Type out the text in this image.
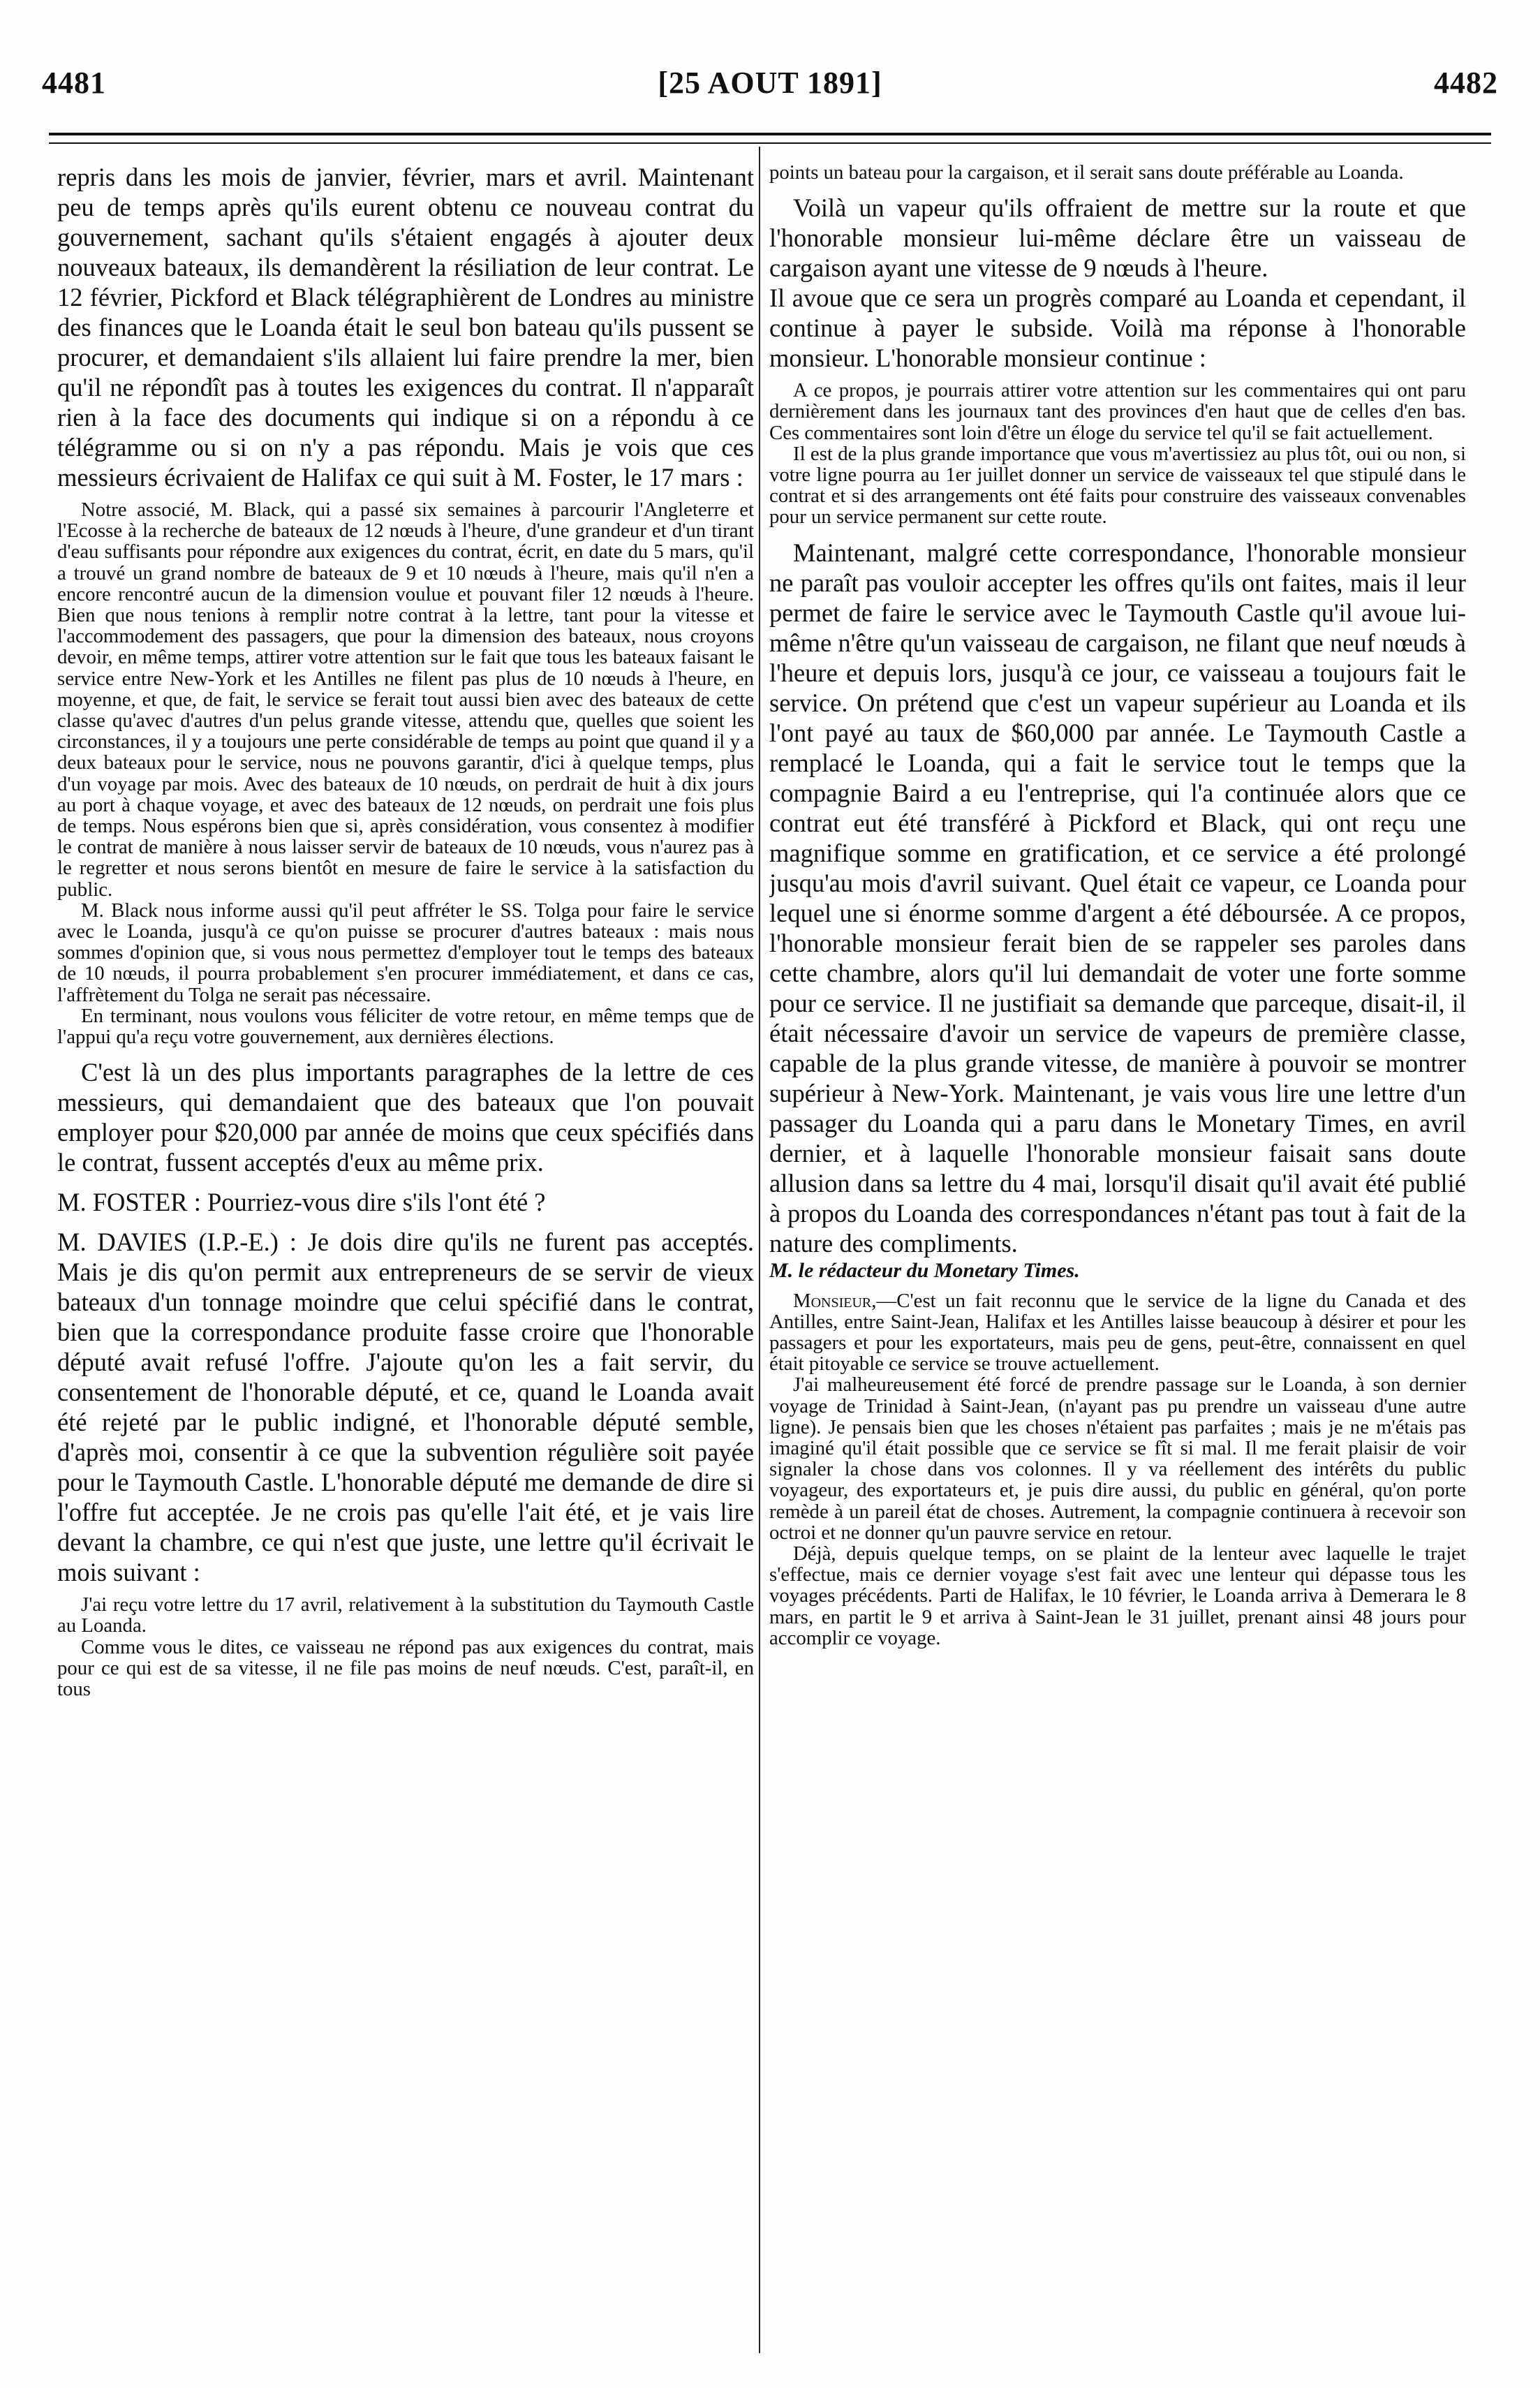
4481	[25 AOUT 1891]	4482

repris dans les mois de janvier, février, mars et avril. Maintenant peu de temps après qu'ils eurent obtenu ce nouveau contrat du gouvernement, sachant qu'ils s'étaient engagés à ajouter deux nouveaux bateaux, ils demandèrent la résiliation de leur contrat. Le 12 février, Pickford et Black télégraphièrent de Londres au ministre des finances que le Loanda était le seul bon bateau qu'ils pussent se procurer, et demandaient s'ils allaient lui faire prendre la mer, bien qu'il ne répondît pas à toutes les exigences du contrat. Il n'apparaît rien à la face des documents qui indique si on a répondu à ce télégramme ou si on n'y a pas répondu. Mais je vois que ces messieurs écrivaient de Halifax ce qui suit à M. Foster, le 17 mars :

Notre associé, M. Black, qui a passé six semaines à parcourir l'Angleterre et l'Ecosse à la recherche de bateaux de 12 nœuds à l'heure, d'une grandeur et d'un tirant d'eau suffisants pour répondre aux exigences du contrat, écrit, en date du 5 mars, qu'il a trouvé un grand nombre de bateaux de 9 et 10 nœuds à l'heure, mais qu'il n'en a encore rencontré aucun de la dimension voulue et pouvant filer 12 nœuds à l'heure. Bien que nous tenions à remplir notre contrat à la lettre, tant pour la vitesse et l'accommodement des passagers, que pour la dimension des bateaux, nous croyons devoir, en même temps, attirer votre attention sur le fait que tous les bateaux faisant le service entre New-York et les Antilles ne filent pas plus de 10 nœuds à l'heure, en moyenne, et que, de fait, le service se ferait tout aussi bien avec des bateaux de cette classe qu'avec d'autres d'un pelus grande vitesse, attendu que, quelles que soient les circonstances, il y a toujours une perte considérable de temps au point que quand il y a deux bateaux pour le service, nous ne pouvons garantir, d'ici à quelque temps, plus d'un voyage par mois. Avec des bateaux de 10 nœuds, on perdrait de huit à dix jours au port à chaque voyage, et avec des bateaux de 12 nœuds, on perdrait une fois plus de temps. Nous espérons bien que si, après considération, vous consentez à modifier le contrat de manière à nous laisser servir de bateaux de 10 nœuds, vous n'aurez pas à le regretter et nous serons bientôt en mesure de faire le service à la satisfaction du public.

M. Black nous informe aussi qu'il peut affréter le SS. Tolga pour faire le service avec le Loanda, jusqu'à ce qu'on puisse se procurer d'autres bateaux : mais nous sommes d'opinion que, si vous nous permettez d'employer tout le temps des bateaux de 10 nœuds, il pourra probablement s'en procurer immédiatement, et dans ce cas, l'affrètement du Tolga ne serait pas nécessaire.

En terminant, nous voulons vous féliciter de votre retour, en même temps que de l'appui qu'a reçu votre gouvernement, aux dernières élections.

C'est là un des plus importants paragraphes de la lettre de ces messieurs, qui demandaient que des bateaux que l'on pouvait employer pour $20,000 par année de moins que ceux spécifiés dans le contrat, fussent acceptés d'eux au même prix.

M. FOSTER : Pourriez-vous dire s'ils l'ont été ?

M. DAVIES (I.P.-E.) : Je dois dire qu'ils ne furent pas acceptés. Mais je dis qu'on permit aux entrepreneurs de se servir de vieux bateaux d'un tonnage moindre que celui spécifié dans le contrat, bien que la correspondance produite fasse croire que l'honorable député avait refusé l'offre. J'ajoute qu'on les a fait servir, du consentement de l'honorable député, et ce, quand le Loanda avait été rejeté par le public indigné, et l'honorable député semble, d'après moi, consentir à ce que la subvention régulière soit payée pour le Taymouth Castle. L'honorable député me demande de dire si l'offre fut acceptée. Je ne crois pas qu'elle l'ait été, et je vais lire devant la chambre, ce qui n'est que juste, une lettre qu'il écrivait le mois suivant :

J'ai reçu votre lettre du 17 avril, relativement à la substitution du Taymouth Castle au Loanda.

Comme vous le dites, ce vaisseau ne répond pas aux exigences du contrat, mais pour ce qui est de sa vitesse, il ne file pas moins de neuf nœuds. C'est, paraît-il, en tous

points un bateau pour la cargaison, et il serait sans doute préférable au Loanda.

Voilà un vapeur qu'ils offraient de mettre sur la route et que l'honorable monsieur lui-même déclare être un vaisseau de cargaison ayant une vitesse de 9 nœuds à l'heure.

Il avoue que ce sera un progrès comparé au Loanda et cependant, il continue à payer le subside. Voilà ma réponse à l'honorable monsieur. L'honorable monsieur continue :

A ce propos, je pourrais attirer votre attention sur les commentaires qui ont paru dernièrement dans les journaux tant des provinces d'en haut que de celles d'en bas. Ces commentaires sont loin d'être un éloge du service tel qu'il se fait actuellement.

Il est de la plus grande importance que vous m'avertissiez au plus tôt, oui ou non, si votre ligne pourra au 1er juillet donner un service de vaisseaux tel que stipulé dans le contrat et si des arrangements ont été faits pour construire des vaisseaux convenables pour un service permanent sur cette route.

Maintenant, malgré cette correspondance, l'honorable monsieur ne paraît pas vouloir accepter les offres qu'ils ont faites, mais il leur permet de faire le service avec le Taymouth Castle qu'il avoue lui-même n'être qu'un vaisseau de cargaison, ne filant que neuf nœuds à l'heure et depuis lors, jusqu'à ce jour, ce vaisseau a toujours fait le service. On prétend que c'est un vapeur supérieur au Loanda et ils l'ont payé au taux de $60,000 par année. Le Taymouth Castle a remplacé le Loanda, qui a fait le service tout le temps que la compagnie Baird a eu l'entreprise, qui l'a continuée alors que ce contrat eut été transféré à Pickford et Black, qui ont reçu une magnifique somme en gratification, et ce service a été prolongé jusqu'au mois d'avril suivant. Quel était ce vapeur, ce Loanda pour lequel une si énorme somme d'argent a été déboursée. A ce propos, l'honorable monsieur ferait bien de se rappeler ses paroles dans cette chambre, alors qu'il lui demandait de voter une forte somme pour ce service. Il ne justifiait sa demande que parceque, disait-il, il était nécessaire d'avoir un service de vapeurs de première classe, capable de la plus grande vitesse, de manière à pouvoir se montrer supérieur à New-York. Maintenant, je vais vous lire une lettre d'un passager du Loanda qui a paru dans le Monetary Times, en avril dernier, et à laquelle l'honorable monsieur faisait sans doute allusion dans sa lettre du 4 mai, lorsqu'il disait qu'il avait été publié à propos du Loanda des correspondances n'étant pas tout à fait de la nature des compliments.

M. le rédacteur du Monetary Times.

Monsieur,—C'est un fait reconnu que le service de la ligne du Canada et des Antilles, entre Saint-Jean, Halifax et les Antilles laisse beaucoup à désirer et pour les passagers et pour les exportateurs, mais peu de gens, peut-être, connaissent en quel était pitoyable ce service se trouve actuellement.

J'ai malheureusement été forcé de prendre passage sur le Loanda, à son dernier voyage de Trinidad à Saint-Jean, (n'ayant pas pu prendre un vaisseau d'une autre ligne). Je pensais bien que les choses n'étaient pas parfaites ; mais je ne m'étais pas imaginé qu'il était possible que ce service se fît si mal. Il me ferait plaisir de voir signaler la chose dans vos colonnes. Il y va réellement des intérêts du public voyageur, des exportateurs et, je puis dire aussi, du public en général, qu'on porte remède à un pareil état de choses. Autrement, la compagnie continuera à recevoir son octroi et ne donner qu'un pauvre service en retour.

Déjà, depuis quelque temps, on se plaint de la lenteur avec laquelle le trajet s'effectue, mais ce dernier voyage s'est fait avec une lenteur qui dépasse tous les voyages précédents. Parti de Halifax, le 10 février, le Loanda arriva à Demerara le 8 mars, en partit le 9 et arriva à Saint-Jean le 31 juillet, prenant ainsi 48 jours pour accomplir ce voyage.
